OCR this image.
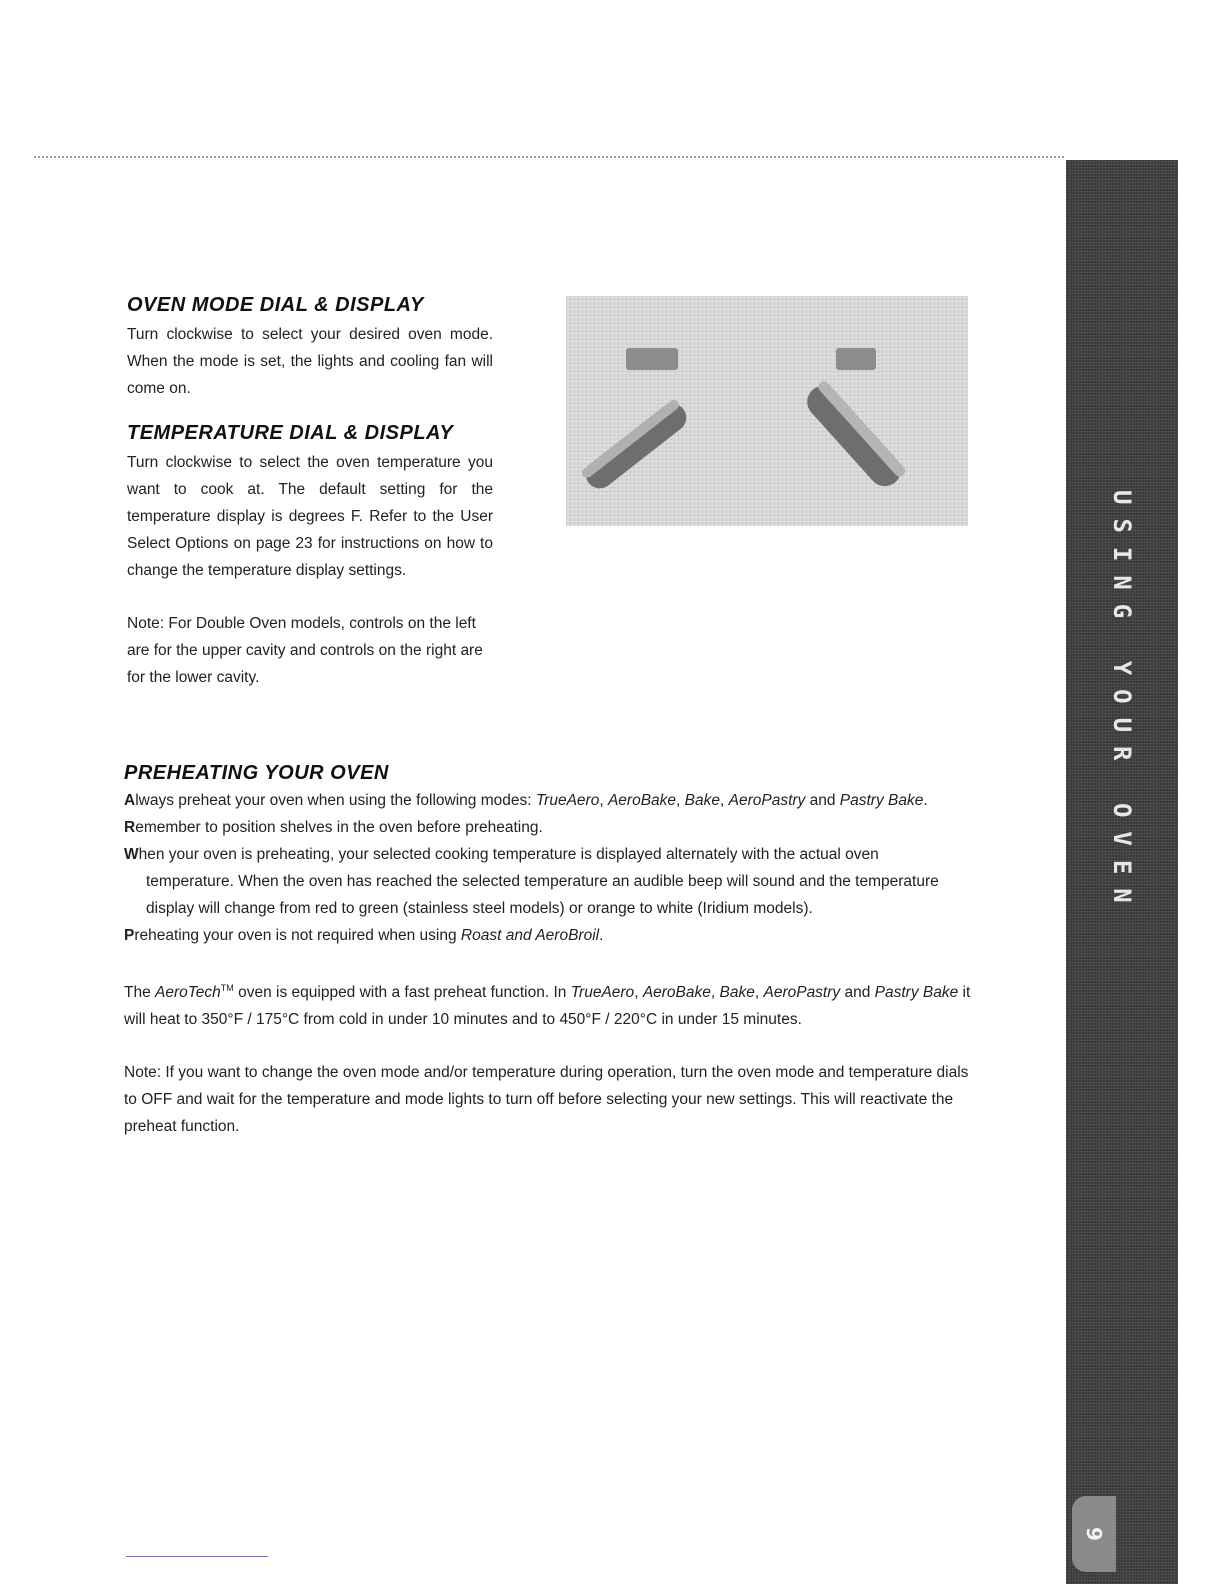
USING YOUR OVEN
9
OVEN MODE DIAL & DISPLAY

Turn clockwise to select your desired oven mode. When the mode is set, the lights and cooling fan will come on.

TEMPERATURE DIAL & DISPLAY

Turn clockwise to select the oven temperature you want to cook at. The default setting for the temperature display is degrees F. Refer to the User Select Options on page 23 for instructions on how to change the temperature display settings.

Note: For Double Oven models, controls on the left are for the upper cavity and controls on the right are for the lower cavity.

PREHEATING YOUR OVEN
Always preheat your oven when using the following modes: TrueAero, AeroBake, Bake, AeroPastry and Pastry Bake.
Remember to position shelves in the oven before preheating.
When your oven is preheating, your selected cooking temperature is displayed alternately with the actual oven
temperature. When the oven has reached the selected temperature an audible beep will sound and the temperature
display will change from red to green (stainless steel models) or orange to white (Iridium models).
Preheating your oven is not required when using Roast and AeroBroil.
The AeroTech™ oven is equipped with a fast preheat function. In TrueAero, AeroBake, Bake, AeroPastry and Pastry Bake it will heat to 350°F / 175°C from cold in under 10 minutes and to 450°F / 220°C in under 15 minutes.
Note: If you want to change the oven mode and/or temperature during operation, turn the oven mode and temperature dials to OFF and wait for the temperature and mode lights to turn off before selecting your new settings. This will reactivate the preheat function.
